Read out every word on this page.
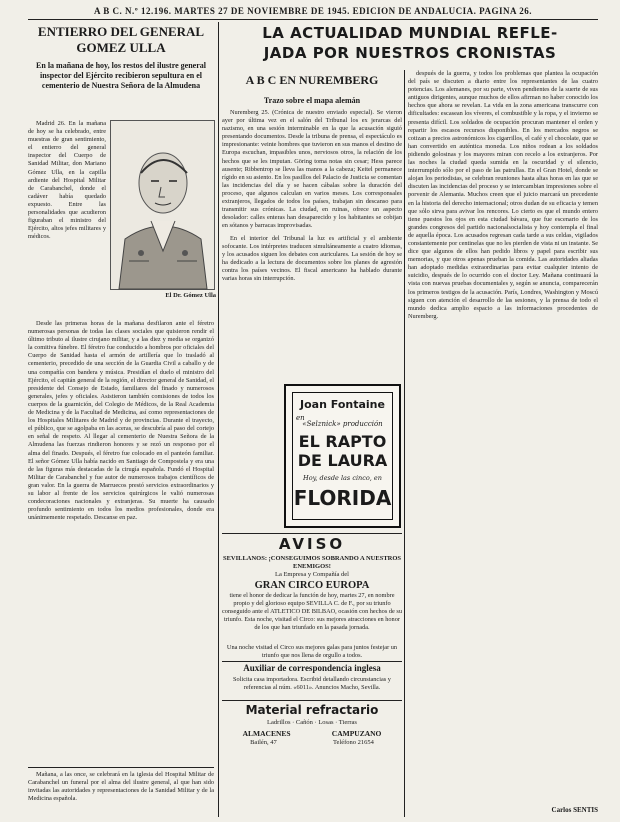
A B C. N.º 12.196. MARTES 27 DE NOVIEMBRE DE 1945. EDICION DE ANDALUCIA. PAGINA 26.
ENTIERRO DEL GENERAL
GOMEZ ULLA
En la mañana de hoy, los restos del ilustre general inspector del Ejército recibieron sepultura en el cementerio de Nuestra Señora de la Almudena

Madrid 26. En la mañana de hoy se ha celebrado, entre muestras de gran sentimiento, el entierro del general inspector del Cuerpo de Sanidad Militar, don Mariano Gómez Ulla, en la capilla ardiente del Hospital Militar de Carabanchel, donde el cadáver había quedado expuesto. Entre las personalidades que acudieron figuraban el ministro del Ejército, altos jefes militares y médicos.

El Dr. Gómez Ulla

Desde las primeras horas de la mañana desfilaron ante el féretro numerosas personas de todas las clases sociales que quisieron rendir el último tributo al ilustre cirujano militar, y a las diez y media se organizó la comitiva fúnebre. El féretro fue conducido a hombros por oficiales del Cuerpo de Sanidad hasta el armón de artillería que lo trasladó al cementerio, precedido de una sección de la Guardia Civil a caballo y de una compañía con bandera y música. Presidían el duelo el ministro del Ejército, el capitán general de la región, el director general de Sanidad, el presidente del Consejo de Estado, familiares del finado y numerosos generales, jefes y oficiales. Asistieron también comisiones de todos los cuerpos de la guarnición, del Colegio de Médicos, de la Real Academia de Medicina y de la Facultad de Medicina, así como representaciones de los Hospitales Militares de Madrid y de provincias. Durante el trayecto, el público, que se agolpaba en las aceras, se descubría al paso del cortejo en señal de respeto. Al llegar al cementerio de Nuestra Señora de la Almudena las fuerzas rindieron honores y se rezó un responso por el alma del finado. Después, el féretro fue colocado en el panteón familiar. El señor Gómez Ulla había nacido en Santiago de Compostela y era una de las figuras más destacadas de la cirugía española. Fundó el Hospital Militar de Carabanchel y fue autor de numerosos trabajos científicos de gran valor. En la guerra de Marruecos prestó servicios extraordinarios y su labor al frente de los servicios quirúrgicos le valió numerosas condecoraciones nacionales y extranjeras. Su muerte ha causado profundo sentimiento en todos los medios profesionales, donde era unánimemente respetado. Descanse en paz.

Mañana, a las once, se celebrará en la iglesia del Hospital Militar de Carabanchel un funeral por el alma del ilustre general, al que han sido invitadas las autoridades y representaciones de la Sanidad Militar y de la Medicina española.

LA ACTUALIDAD MUNDIAL REFLE-
JADA POR NUESTROS CRONISTAS
A B C EN NUREMBERG
Trazo sobre el mapa alemán

Nuremberg 25. (Crónica de nuestro enviado especial). Se vieron ayer por última vez en el salón del Tribunal los ex jerarcas del nazismo, en una sesión interminable en la que la acusación siguió presentando documentos. Desde la tribuna de prensa, el espectáculo es impresionante: veinte hombres que tuvieron en sus manos el destino de Europa escuchan, impasibles unos, nerviosos otros, la relación de los hechos que se les imputan. Göring toma notas sin cesar; Hess parece ausente; Ribbentrop se lleva las manos a la cabeza; Keitel permanece rígido en su asiento. En los pasillos del Palacio de Justicia se comentan las incidencias del día y se hacen cábalas sobre la duración del proceso, que algunos calculan en varios meses. Los corresponsales extranjeros, llegados de todos los países, trabajan sin descanso para transmitir sus crónicas. La ciudad, en ruinas, ofrece un aspecto desolador: calles enteras han desaparecido y los habitantes se cobijan en sótanos y barracas improvisadas.

En el interior del Tribunal la luz es artificial y el ambiente sofocante. Los intérpretes traducen simultáneamente a cuatro idiomas, y los acusados siguen los debates con auriculares. La sesión de hoy se ha dedicado a la lectura de documentos sobre los planes de agresión contra los países vecinos. El fiscal americano ha hablado durante varias horas sin interrupción.

Joan Fontaine
en
«Selznick» producción
EL RAPTO
DE LAURA
Hoy, desde las cinco, en
FLORIDA
AVISO
SEVILLANOS: ¡CONSEGUIMOS SOBRANDO A NUESTROS ENEMIGOS!
La Empresa y Compañía del
GRAN CIRCO EUROPA
tiene el honor de dedicar la función de hoy, martes 27, en nombre propio y del glorioso equipo SEVILLA C. de F., por su triunfo conseguido ante el ATLETICO DE BILBAO, ocasión con hechos de su triunfo. Esta noche, visitad el Circo: sus mejores atracciones en honor de los que han triunfado en la pasada jornada.
Una noche visitad el Circo sus mejores galas para juntos festejar un triunfo que nos llena de orgullo a todos.
Auxiliar de correspondencia inglesa
Solicita casa importadora. Escribid detallando circunstancias y referencias al núm. «6011». Anuncios Macho, Sevilla.
Material refractario
Ladrillos · Cañón · Losas · Tierras
ALMACENES	CAMPUZANO
Bailén, 47	Teléfono 21654

después de la guerra, y todos los problemas que plantea la ocupación del país se discuten a diario entre los representantes de las cuatro potencias. Los alemanes, por su parte, viven pendientes de la suerte de sus antiguos dirigentes, aunque muchos de ellos afirman no haber conocido los hechos que ahora se revelan. La vida en la zona americana transcurre con dificultades: escasean los víveres, el combustible y la ropa, y el invierno se presenta difícil. Los soldados de ocupación procuran mantener el orden y repartir los escasos recursos disponibles. En los mercados negros se cotizan a precios astronómicos los cigarrillos, el café y el chocolate, que se han convertido en auténtica moneda. Los niños rodean a los soldados pidiendo golosinas y los mayores miran con recelo a los extranjeros. Por las noches la ciudad queda sumida en la oscuridad y el silencio, interrumpido sólo por el paso de las patrullas. En el Gran Hotel, donde se alojan los periodistas, se celebran reuniones hasta altas horas en las que se discuten las incidencias del proceso y se intercambian impresiones sobre el porvenir de Alemania. Muchos creen que el juicio marcará un precedente en la historia del derecho internacional; otros dudan de su eficacia y temen que sólo sirva para avivar los rencores. Lo cierto es que el mundo entero tiene puestos los ojos en esta ciudad bávara, que fue escenario de los grandes congresos del partido nacionalsocialista y hoy contempla el final de aquella época. Los acusados regresan cada tarde a sus celdas, vigilados constantemente por centinelas que no les pierden de vista ni un instante. Se dice que algunos de ellos han pedido libros y papel para escribir sus memorias, y que otros apenas prueban la comida. Las autoridades aliadas han adoptado medidas extraordinarias para evitar cualquier intento de suicidio, después de lo ocurrido con el doctor Ley. Mañana continuará la vista con nuevas pruebas documentales y, según se anuncia, comparecerán los primeros testigos de la acusación. París, Londres, Washington y Moscú siguen con atención el desarrollo de las sesiones, y la prensa de todo el mundo dedica amplio espacio a las informaciones procedentes de Nuremberg.

Carlos SENTIS
